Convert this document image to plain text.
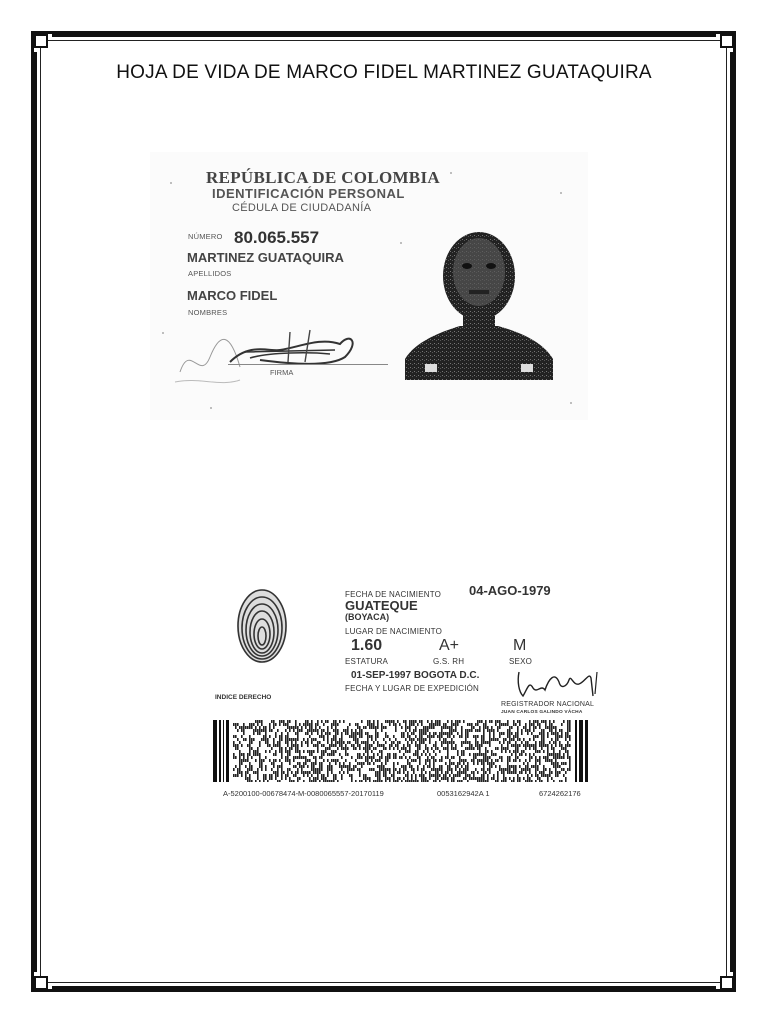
HOJA DE VIDA DE MARCO FIDEL MARTINEZ GUATAQUIRA
REPÚBLICA DE COLOMBIA
IDENTIFICACIÓN PERSONAL
CÉDULA DE CIUDADANÍA
NÚMERO 80.065.557
MARTINEZ GUATAQUIRA
APELLIDOS
MARCO FIDEL
NOMBRES
FIRMA
INDICE DERECHO
FECHA DE NACIMIENTO 04-AGO-1979
GUATEQUE
(BOYACA)
LUGAR DE NACIMIENTO
1.60	A+	M
ESTATURA	G.S. RH	SEXO
01-SEP-1997 BOGOTA D.C.
FECHA Y LUGAR DE EXPEDICIÓN
REGISTRADOR NACIONAL
JUAN CARLOS GALINDO VÁCHA
A-5200100-00678474-M-0080065557-20170119	0053162942A 1	6724262176
